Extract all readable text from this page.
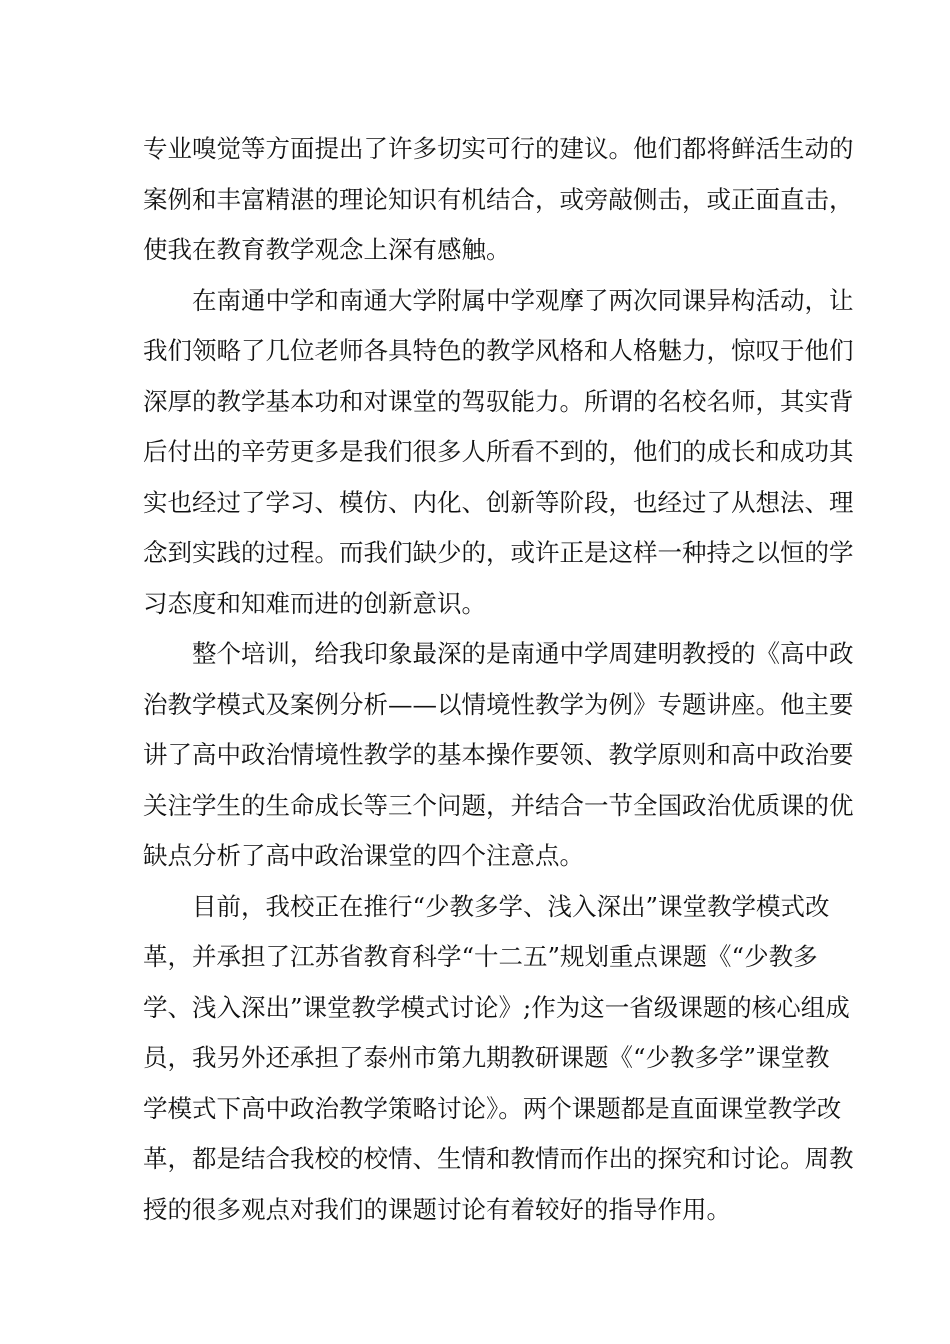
专业嗅觉等方面提出了许多切实可行的建议。他们都将鲜活生动的
案例和丰富精湛的理论知识有机结合，或旁敲侧击，或正面直击，
使我在教育教学观念上深有感触。
在南通中学和南通大学附属中学观摩了两次同课异构活动，让
我们领略了几位老师各具特色的教学风格和人格魅力，惊叹于他们
深厚的教学基本功和对课堂的驾驭能力。所谓的名校名师，其实背
后付出的辛劳更多是我们很多人所看不到的，他们的成长和成功其
实也经过了学习、模仿、内化、创新等阶段，也经过了从想法、理
念到实践的过程。而我们缺少的，或许正是这样一种持之以恒的学
习态度和知难而进的创新意识。
整个培训，给我印象最深的是南通中学周建明教授的《高中政
治教学模式及案例分析——以情境性教学为例》专题讲座。他主要
讲了高中政治情境性教学的基本操作要领、教学原则和高中政治要
关注学生的生命成长等三个问题，并结合一节全国政治优质课的优
缺点分析了高中政治课堂的四个注意点。
目前，我校正在推行“少教多学、浅入深出”课堂教学模式改
革，并承担了江苏省教育科学“十二五”规划重点课题《“少教多
学、浅入深出”课堂教学模式讨论》;作为这一省级课题的核心组成
员，我另外还承担了泰州市第九期教研课题《“少教多学”课堂教
学模式下高中政治教学策略讨论》。两个课题都是直面课堂教学改
革，都是结合我校的校情、生情和教情而作出的探究和讨论。周教
授的很多观点对我们的课题讨论有着较好的指导作用。
